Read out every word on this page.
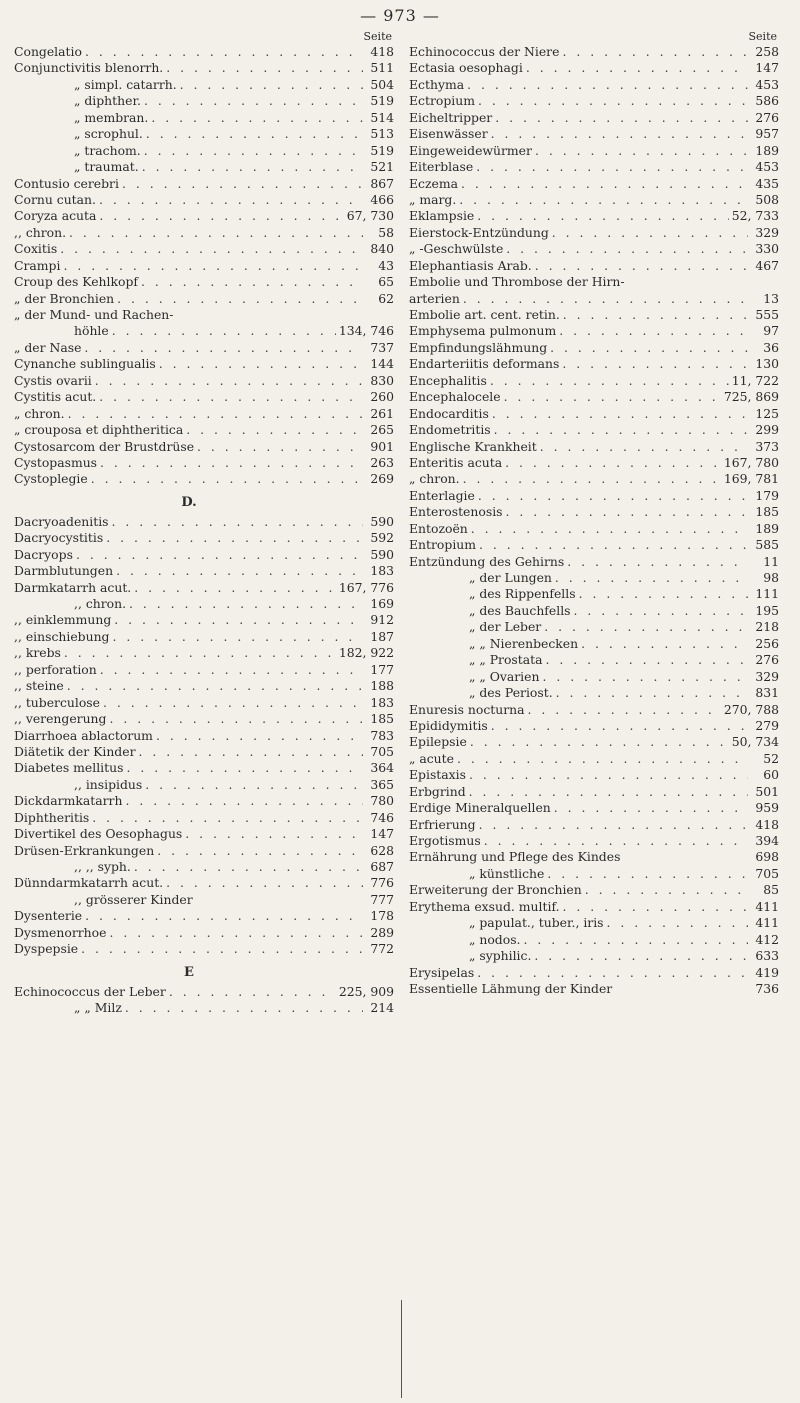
— 973 —
Seite
Congelatio . . .	418
Conjunctivitis blenorrh. . . .	511
„ simpl. catarrh. . . .	504
„ diphther. . . .	519
„ membran. . . .	514
„ scrophul. . . .	513
„ trachom. . . .	519
„ traumat. . . .	521
Contusio cerebri . . .	867
Cornu cutan. . . .	466
Coryza acuta . . .	67, 730
,, chron. . . .	58
Coxitis . . .	840
Crampi . . .	43
Croup des Kehlkopf . . .	65
„ der Bronchien . . .	62
„ der Mund- und Rachen-
höhle . . .	134, 746
„ der Nase . . .	737
Cynanche sublingualis . . .	144
Cystis ovarii . . .	830
Cystitis acut. . . .	260
„ chron. . . .	261
„ crouposa et diphtheritica . . .	265
Cystosarcom der Brustdrüse . . .	901
Cystopasmus . . .	263
Cystoplegie . . .	269
D.
Dacryoadenitis . . .	590
Dacryocystitis . . .	592
Dacryops . . .	590
Darmblutungen . . .	183
Darmkatarrh acut. . . .	167, 776
,, chron. . . .	169
,, einklemmung . . .	912
,, einschiebung . . .	187
,, krebs . . .	182, 922
,, perforation . . .	177
,, steine . . .	188
,, tuberculose . . .	183
,, verengerung . . .	185
Diarrhoea ablactorum . . .	783
Diätetik der Kinder . . .	705
Diabetes mellitus . . .	364
,, insipidus . . .	365
Dickdarmkatarrh . . .	780
Diphtheritis . . .	746
Divertikel des Oesophagus . . .	147
Drüsen-Erkrankungen . . .	628
,, ,, syph. . . .	687
Dünndarmkatarrh acut. . . .	776
,, grösserer Kinder	777
Dysenterie . . .	178
Dysmenorrhoe . . .	289
Dyspepsie . . .	772
E
Echinococcus der Leber . . .	225, 909
„ „ Milz . . .	214
Seite
Echinococcus der Niere . . .	258
Ectasia oesophagi . . .	147
Ecthyma . . .	453
Ectropium . . .	586
Eicheltripper . . .	276
Eisenwässer . . .	957
Eingeweidewürmer . . .	189
Eiterblase . . .	453
Eczema . . .	435
„ marg. . . .	508
Eklampsie . . .	52, 733
Eierstock-Entzündung . . .	329
„ -Geschwülste . . .	330
Elephantiasis Arab. . . .	467
Embolie und Thrombose der Hirn-
arterien . . .	13
Embolie art. cent. retin. . . .	555
Emphysema pulmonum . . .	97
Empfindungslähmung . . .	36
Endarteriitis deformans . . .	130
Encephalitis . . .	11, 722
Encephalocele . . .	725, 869
Endocarditis . . .	125
Endometritis . . .	299
Englische Krankheit . . .	373
Enteritis acuta . . .	167, 780
„ chron. . . .	169, 781
Enterlagie . . .	179
Enterostenosis . . .	185
Entozoën . . .	189
Entropium . . .	585
Entzündung des Gehirns . . .	11
„ der Lungen . . .	98
„ des Rippenfells . . .	111
„ des Bauchfells . . .	195
„ der Leber . . .	218
„ „ Nierenbecken . . .	256
„ „ Prostata . . .	276
„ „ Ovarien . . .	329
„ des Periost. . . .	831
Enuresis nocturna . . .	270, 788
Epididymitis . . .	279
Epilepsie . . .	50, 734
„ acute . . .	52
Epistaxis . . .	60
Erbgrind . . .	501
Erdige Mineralquellen . . .	959
Erfrierung . . .	418
Ergotismus . . .	394
Ernährung und Pflege des Kindes	698
„ künstliche . . .	705
Erweiterung der Bronchien . . .	85
Erythema exsud. multif. . . .	411
„ papulat., tuber., iris . . .	411
„ nodos. . . .	412
„ syphilic. . . .	633
Erysipelas . . .	419
Essentielle Lähmung der Kinder	736
